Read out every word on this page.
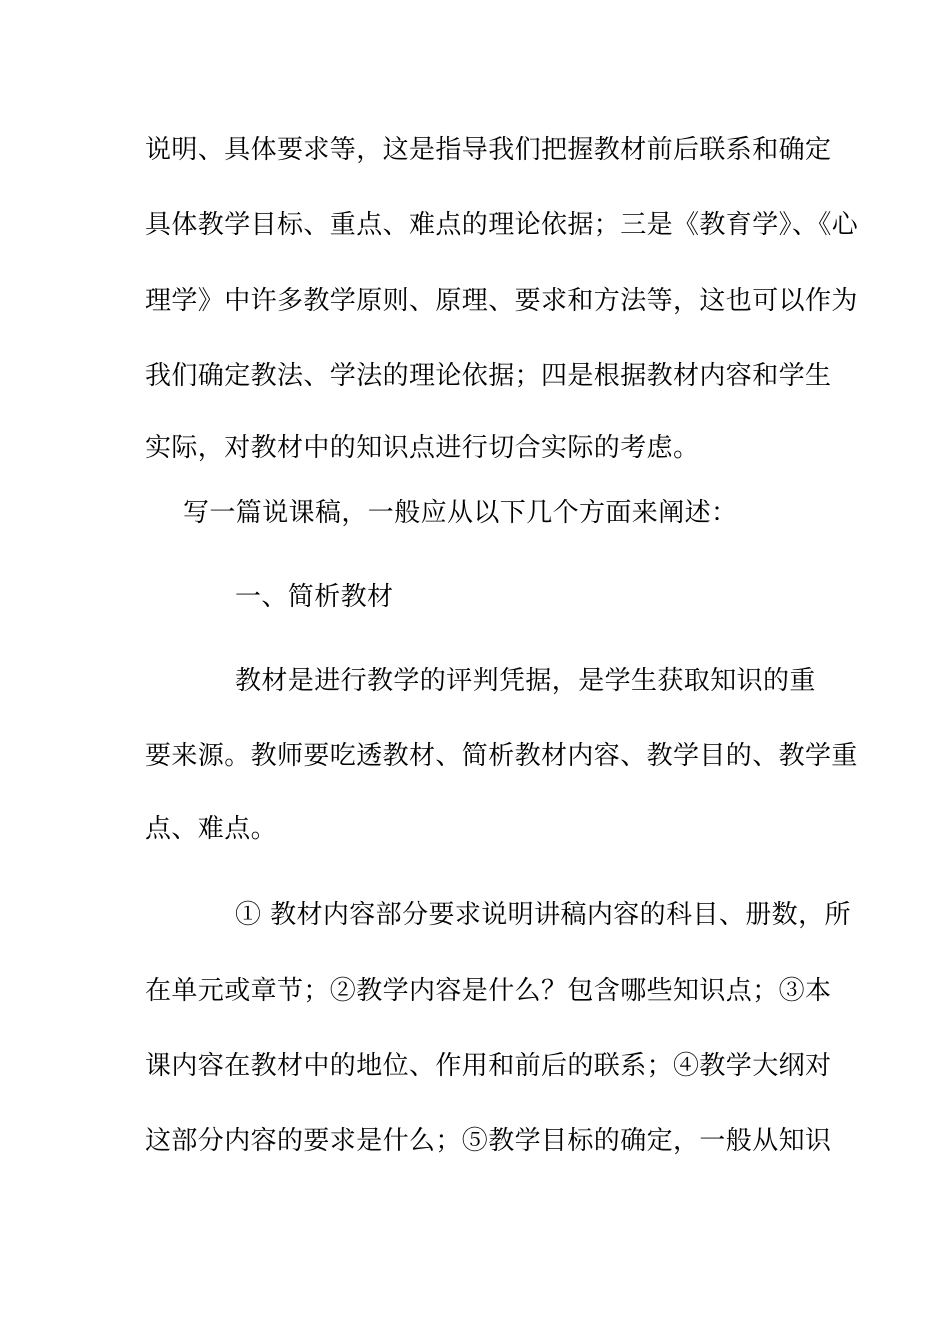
说明、具体要求等，这是指导我们把握教材前后联系和确定
具体教学目标、重点、难点的理论依据；三是《教育学》、《心
理学》中许多教学原则、原理、要求和方法等，这也可以作为
我们确定教法、学法的理论依据；四是根据教材内容和学生
实际，对教材中的知识点进行切合实际的考虑。
写一篇说课稿，一般应从以下几个方面来阐述：
一、简析教材
教材是进行教学的评判凭据，是学生获取知识的重
要来源。教师要吃透教材、简析教材内容、教学目的、教学重
点、难点。
① 教材内容部分要求说明讲稿内容的科目、册数，所
在单元或章节；②教学内容是什么？包含哪些知识点；③本
课内容在教材中的地位、作用和前后的联系；④教学大纲对
这部分内容的要求是什么；⑤教学目标的确定，一般从知识
